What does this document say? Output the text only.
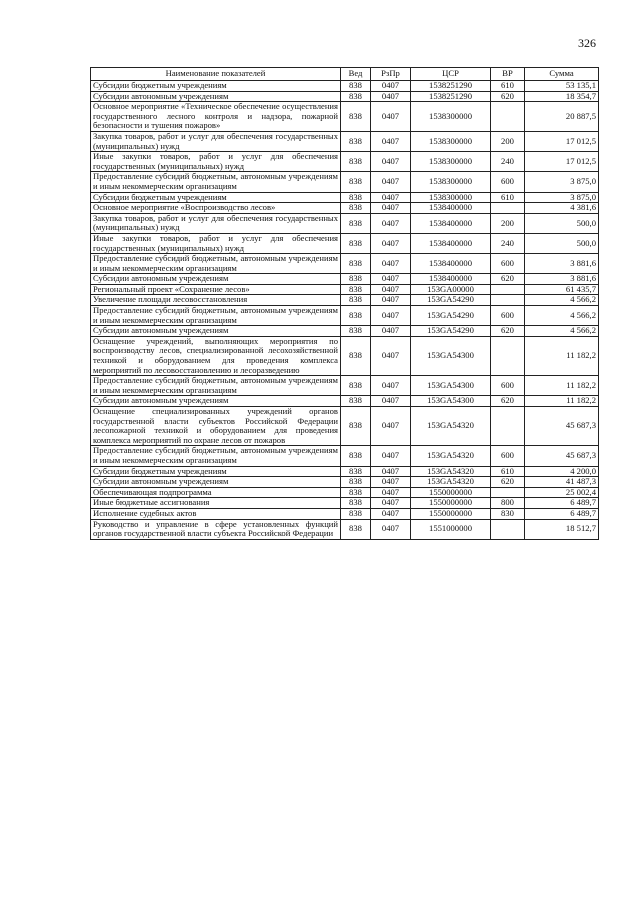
326
Наименование показателей	Вед	РзПр	ЦСР	ВР	Сумма
Субсидии бюджетным учреждениям	838	0407	1538251290	610	53 135,1
Субсидии автономным учреждениям	838	0407	1538251290	620	18 354,7
Основное мероприятие «Техническое обеспечение осуществления государственного лесного контроля и надзора, пожарной безопасности и тушения пожаров»	838	0407	1538300000		20 887,5
Закупка товаров, работ и услуг для обеспечения государственных (муниципальных) нужд	838	0407	1538300000	200	17 012,5
Иные закупки товаров, работ и услуг для обеспечения государственных (муниципальных) нужд	838	0407	1538300000	240	17 012,5
Предоставление субсидий бюджетным, автономным учреждениям и иным некоммерческим организациям	838	0407	1538300000	600	3 875,0
Субсидии бюджетным учреждениям	838	0407	1538300000	610	3 875,0
Основное мероприятие «Воспроизводство лесов»	838	0407	1538400000		4 381,6
Закупка товаров, работ и услуг для обеспечения государственных (муниципальных) нужд	838	0407	1538400000	200	500,0
Иные закупки товаров, работ и услуг для обеспечения государственных (муниципальных) нужд	838	0407	1538400000	240	500,0
Предоставление субсидий бюджетным, автономным учреждениям и иным некоммерческим организациям	838	0407	1538400000	600	3 881,6
Субсидии автономным учреждениям	838	0407	1538400000	620	3 881,6
Региональный проект «Сохранение лесов»	838	0407	153GA00000		61 435,7
Увеличение площади лесовосстановления	838	0407	153GA54290		4 566,2
Предоставление субсидий бюджетным, автономным учреждениям и иным некоммерческим организациям	838	0407	153GA54290	600	4 566,2
Субсидии автономным учреждениям	838	0407	153GA54290	620	4 566,2
Оснащение учреждений, выполняющих мероприятия по воспроизводству лесов, специализированной лесохозяйственной техникой и оборудованием для проведения комплекса мероприятий по лесовосстановлению и лесоразведению	838	0407	153GA54300		11 182,2
Предоставление субсидий бюджетным, автономным учреждениям и иным некоммерческим организациям	838	0407	153GA54300	600	11 182,2
Субсидии автономным учреждениям	838	0407	153GA54300	620	11 182,2
Оснащение специализированных учреждений органов государственной власти субъектов Российской Федерации лесопожарной техникой и оборудованием для проведения комплекса мероприятий по охране лесов от пожаров	838	0407	153GA54320		45 687,3
Предоставление субсидий бюджетным, автономным учреждениям и иным некоммерческим организациям	838	0407	153GA54320	600	45 687,3
Субсидии бюджетным учреждениям	838	0407	153GA54320	610	4 200,0
Субсидии автономным учреждениям	838	0407	153GA54320	620	41 487,3
Обеспечивающая подпрограмма	838	0407	1550000000		25 002,4
Иные бюджетные ассигнования	838	0407	1550000000	800	6 489,7
Исполнение судебных актов	838	0407	1550000000	830	6 489,7
Руководство и управление в сфере установленных функций органов государственной власти субъекта Российской Федерации	838	0407	1551000000		18 512,7
